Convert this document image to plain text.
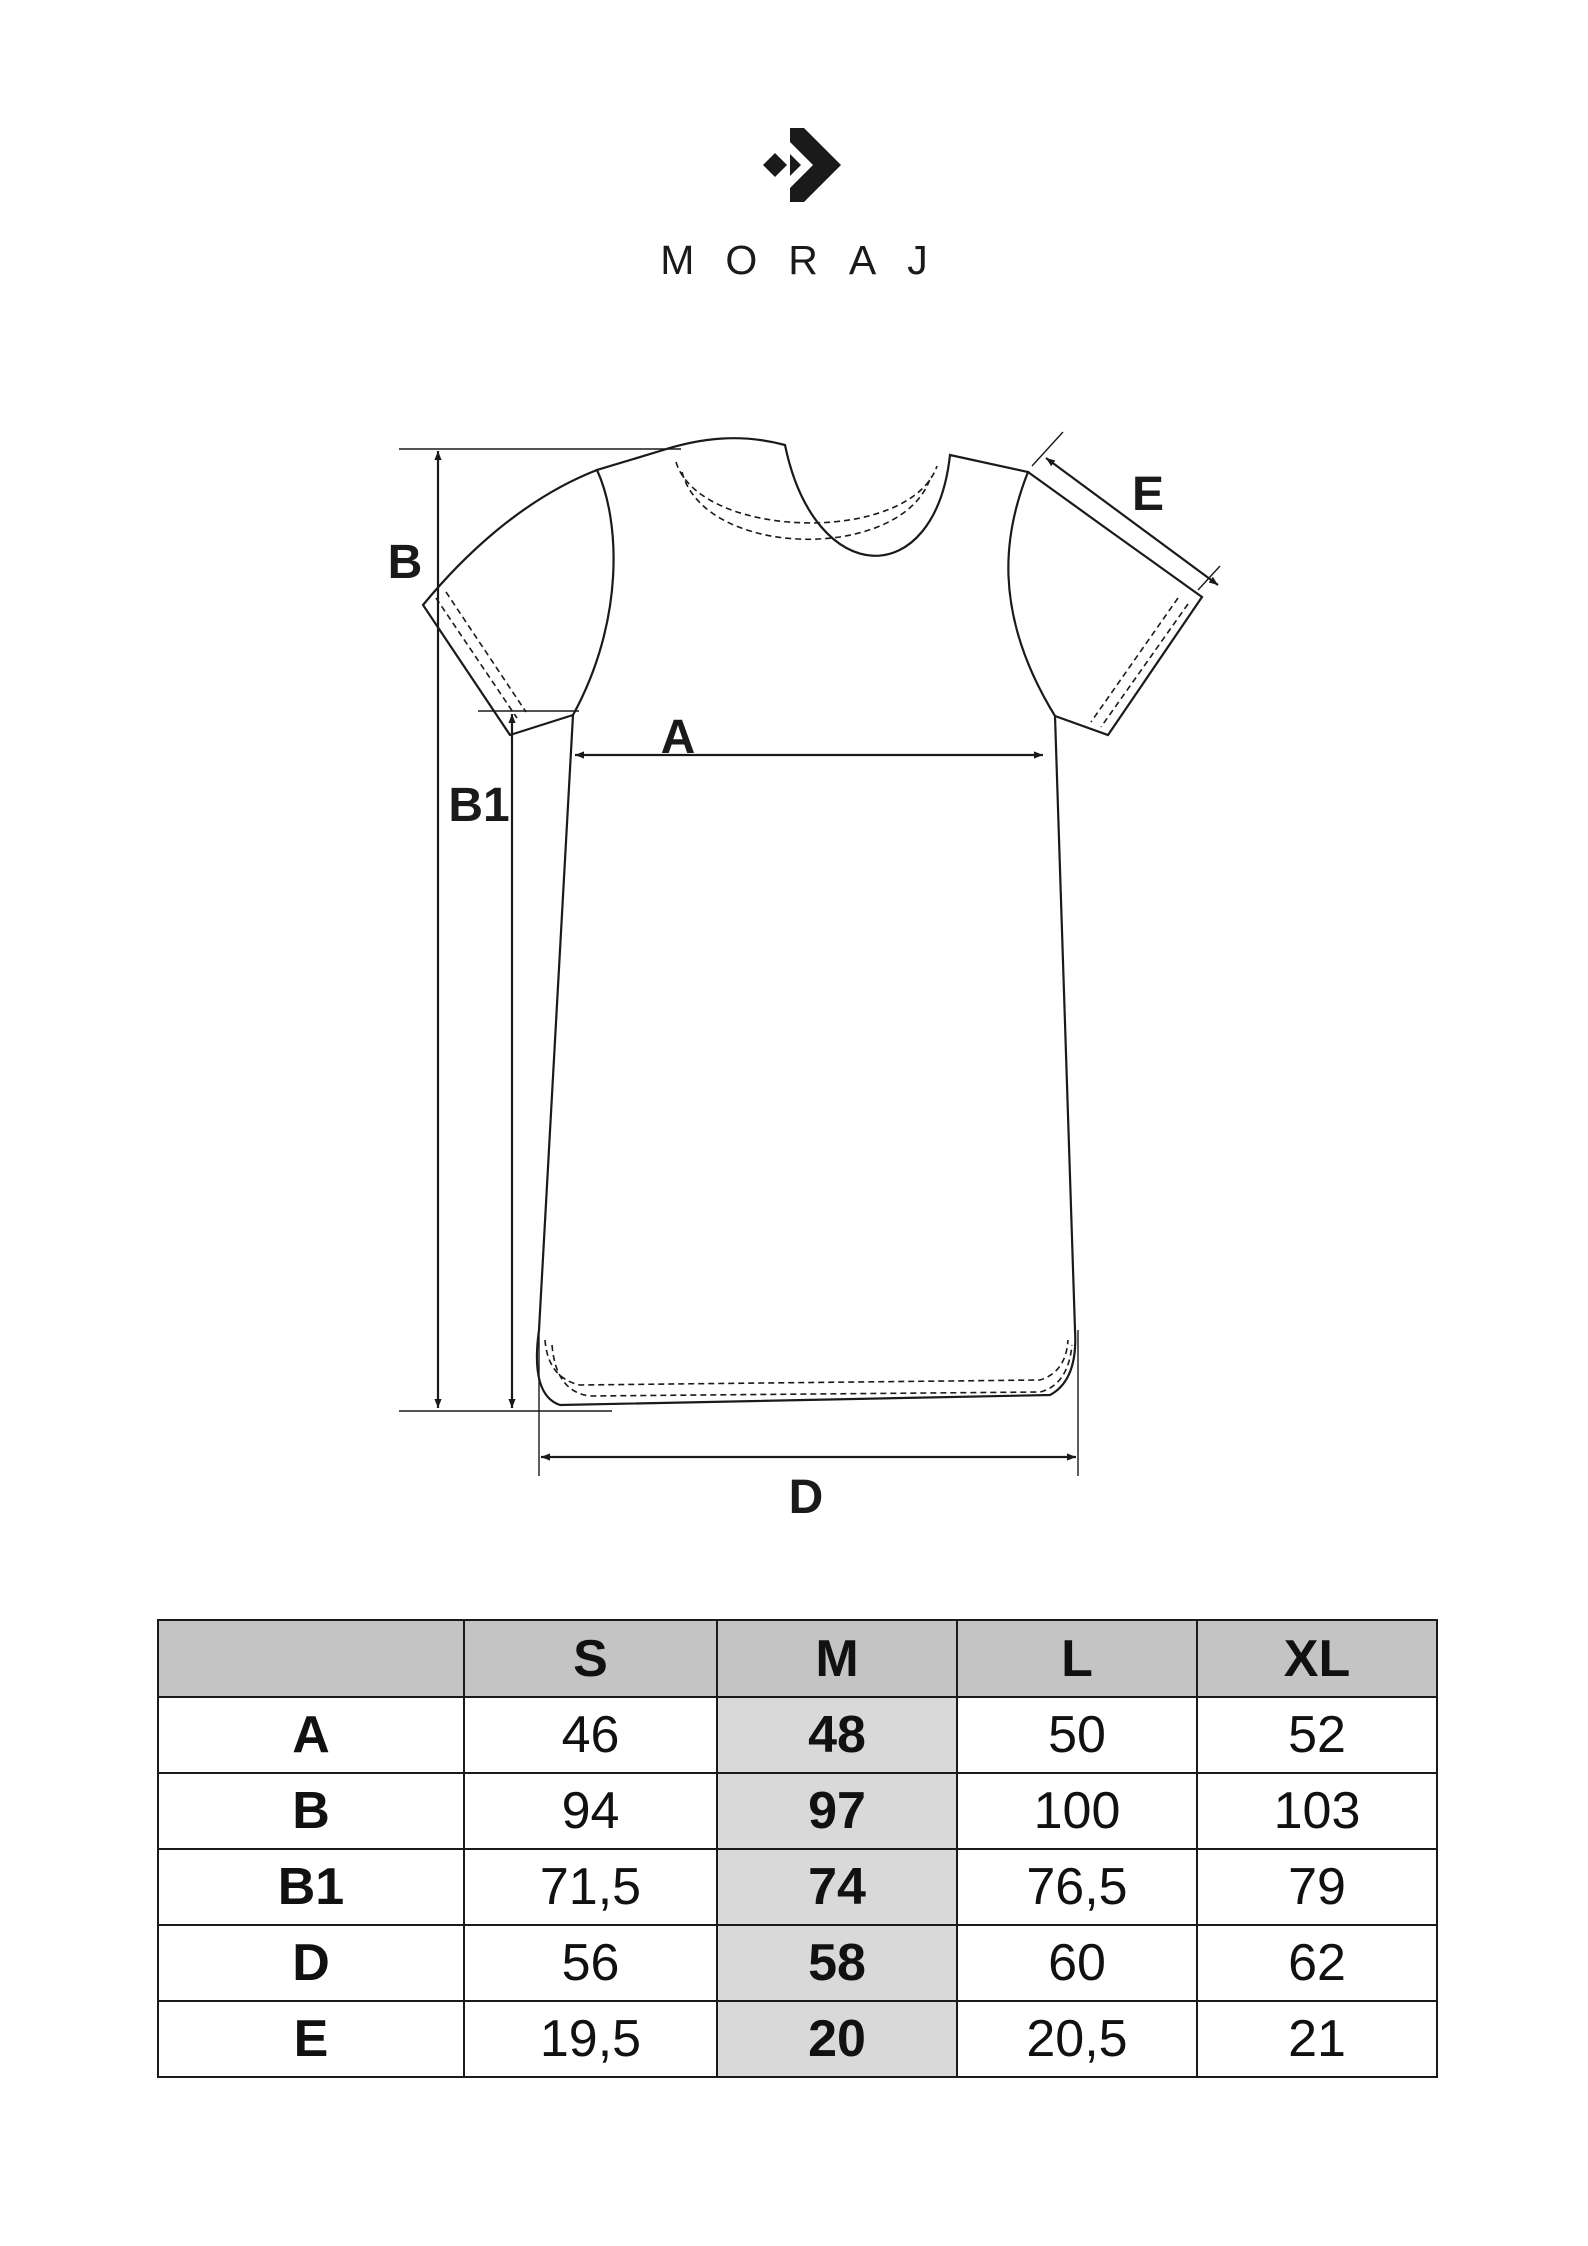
MORAJ
B
B1
A
D
E
	S	M	L	XL
A	46	48	50	52
B	94	97	100	103
B1	71,5	74	76,5	79
D	56	58	60	62
E	19,5	20	20,5	21
